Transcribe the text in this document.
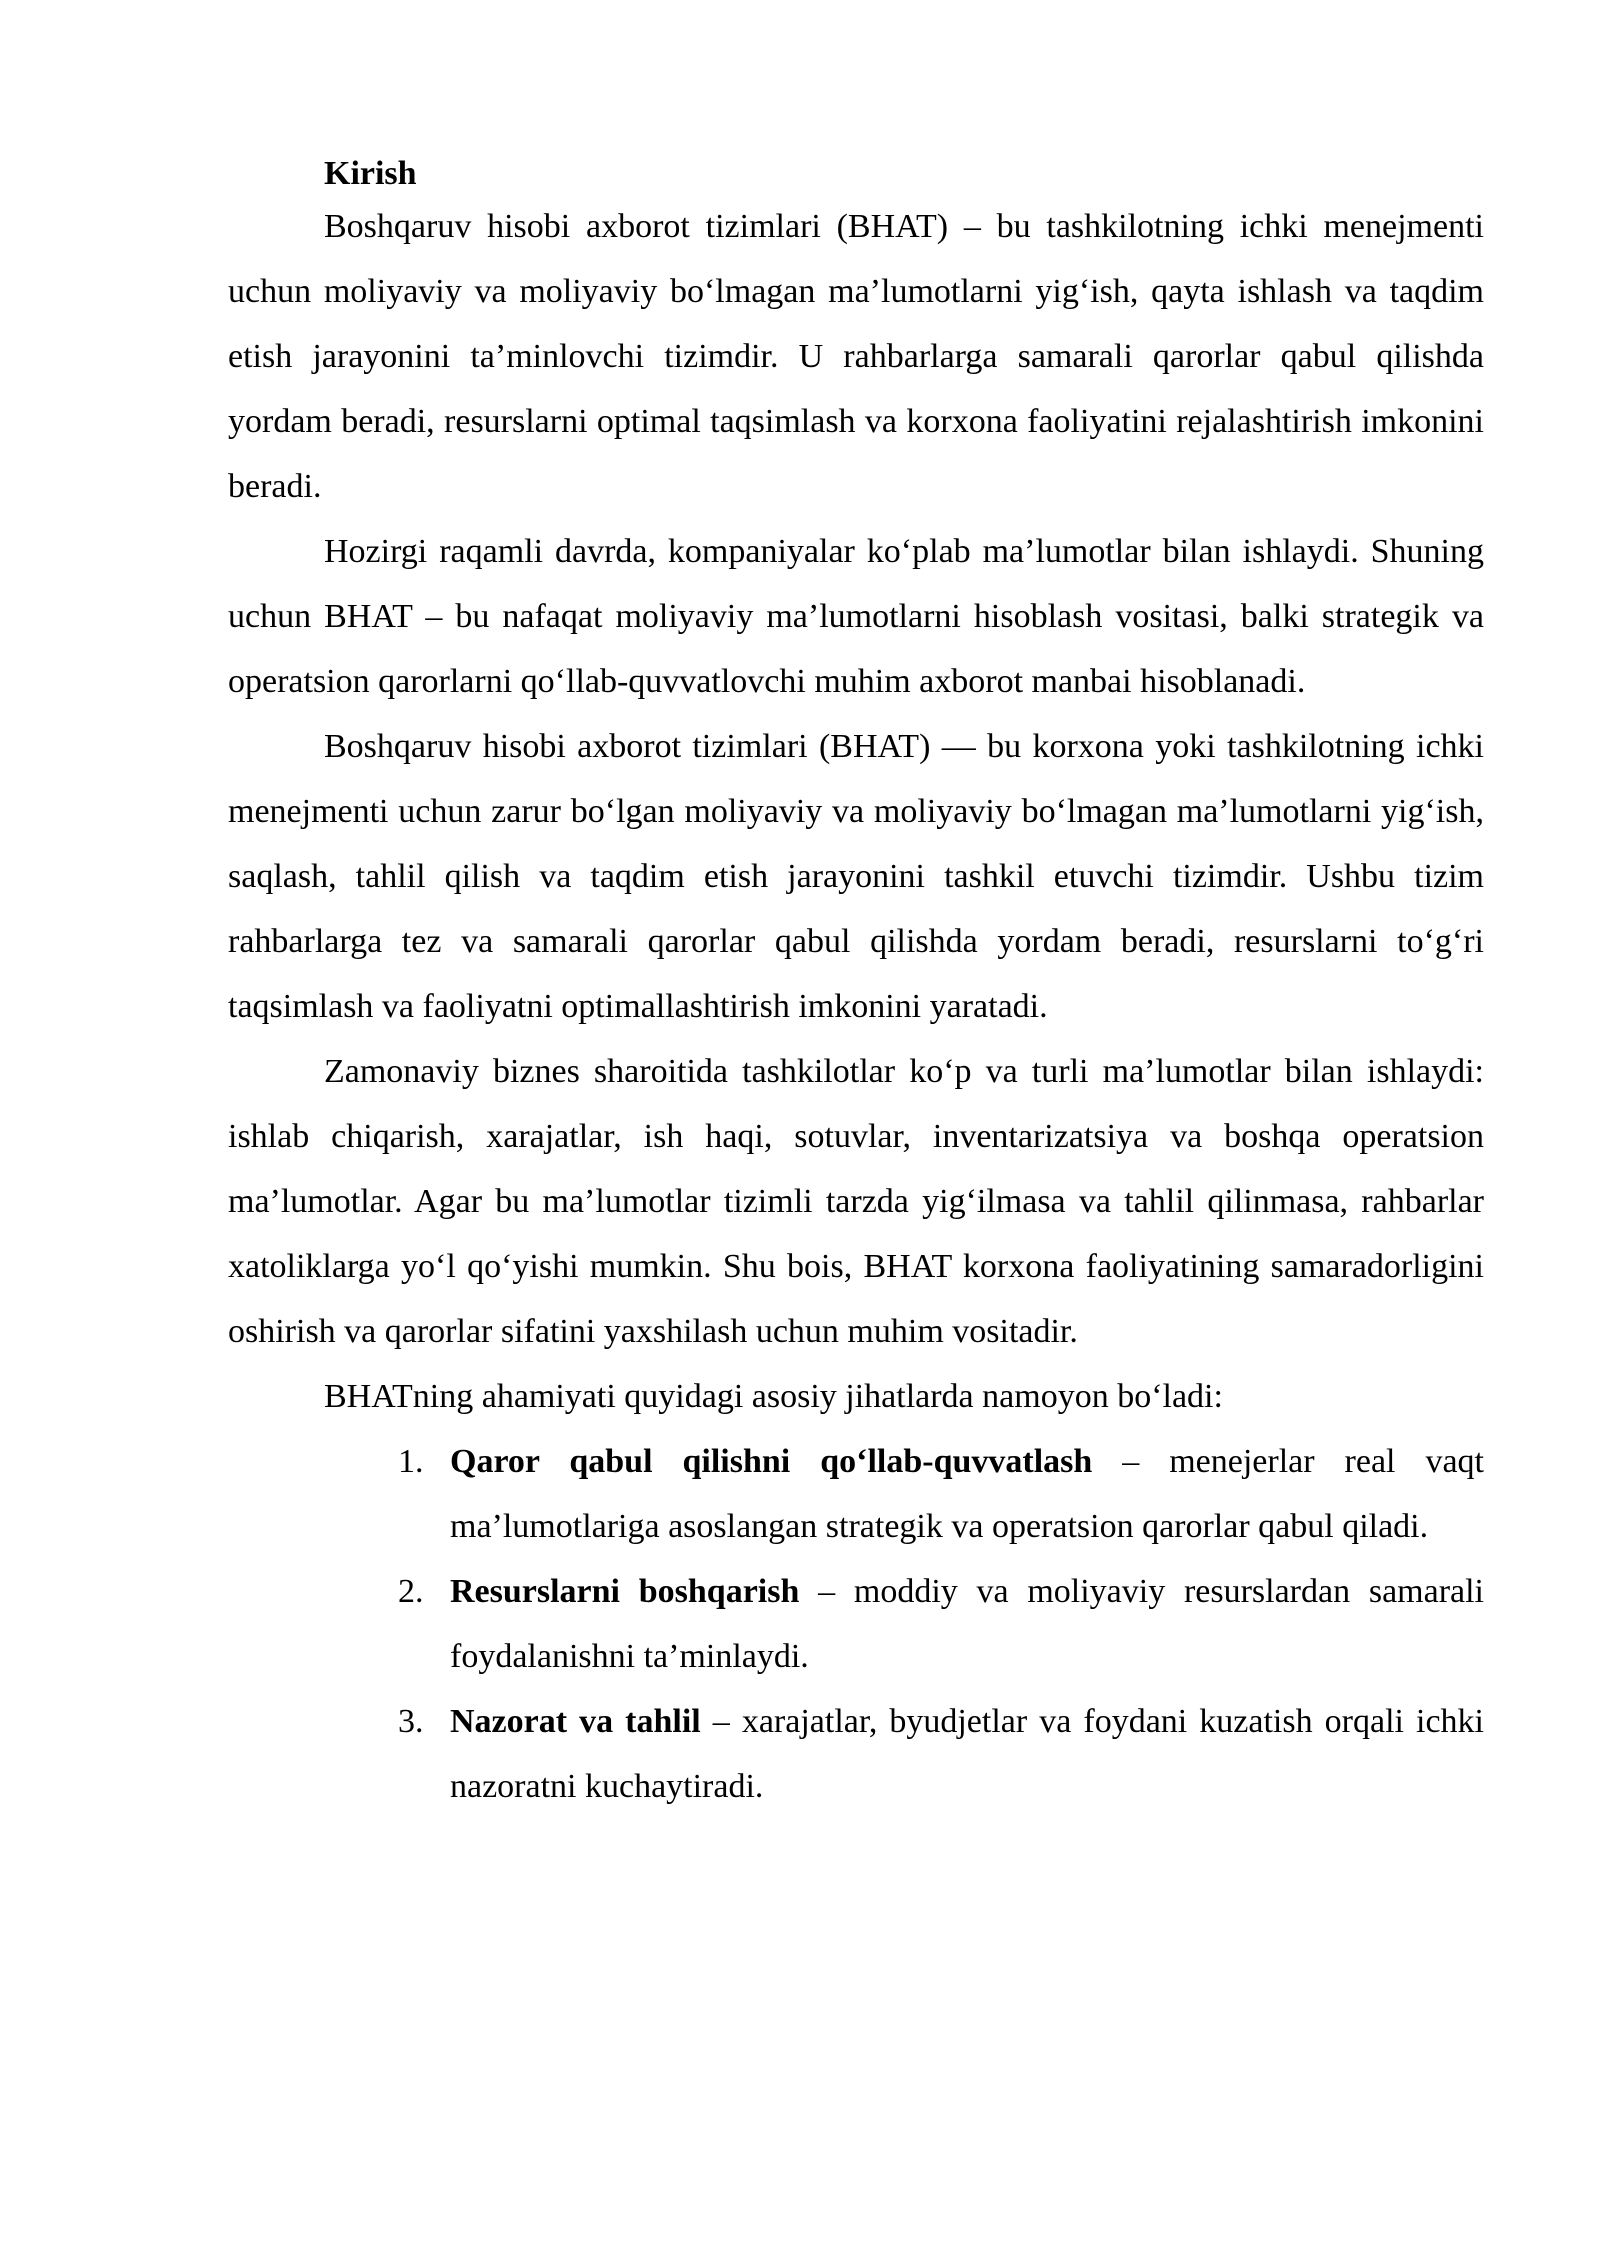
Kirish

Boshqaruv hisobi axborot tizimlari (BHAT) – bu tashkilotning ichki menejmenti uchun moliyaviy va moliyaviy bo‘lmagan ma’lumotlarni yig‘ish, qayta ishlash va taqdim etish jarayonini ta’minlovchi tizimdir. U rahbarlarga samarali qarorlar qabul qilishda yordam beradi, resurslarni optimal taqsimlash va korxona faoliyatini rejalashtirish imkonini beradi.

Hozirgi raqamli davrda, kompaniyalar ko‘plab ma’lumotlar bilan ishlaydi. Shuning uchun BHAT – bu nafaqat moliyaviy ma’lumotlarni hisoblash vositasi, balki strategik va operatsion qarorlarni qo‘llab-quvvatlovchi muhim axborot manbai hisoblanadi.

Boshqaruv hisobi axborot tizimlari (BHAT) — bu korxona yoki tashkilotning ichki menejmenti uchun zarur bo‘lgan moliyaviy va moliyaviy bo‘lmagan ma’lumotlarni yig‘ish, saqlash, tahlil qilish va taqdim etish jarayonini tashkil etuvchi tizimdir. Ushbu tizim rahbarlarga tez va samarali qarorlar qabul qilishda yordam beradi, resurslarni to‘g‘ri taqsimlash va faoliyatni optimallashtirish imkonini yaratadi.

Zamonaviy biznes sharoitida tashkilotlar ko‘p va turli ma’lumotlar bilan ishlaydi: ishlab chiqarish, xarajatlar, ish haqi, sotuvlar, inventarizatsiya va boshqa operatsion ma’lumotlar. Agar bu ma’lumotlar tizimli tarzda yig‘ilmasa va tahlil qilinmasa, rahbarlar xatoliklarga yo‘l qo‘yishi mumkin. Shu bois, BHAT korxona faoliyatining samaradorligini oshirish va qarorlar sifatini yaxshilash uchun muhim vositadir.

BHATning ahamiyati quyidagi asosiy jihatlarda namoyon bo‘ladi:

1. Qaror qabul qilishni qo‘llab-quvvatlash – menejerlar real vaqt ma’lumotlariga asoslangan strategik va operatsion qarorlar qabul qiladi.
2. Resurslarni boshqarish – moddiy va moliyaviy resurslardan samarali foydalanishni ta’minlaydi.
3. Nazorat va tahlil – xarajatlar, byudjetlar va foydani kuzatish orqali ichki nazoratni kuchaytiradi.
